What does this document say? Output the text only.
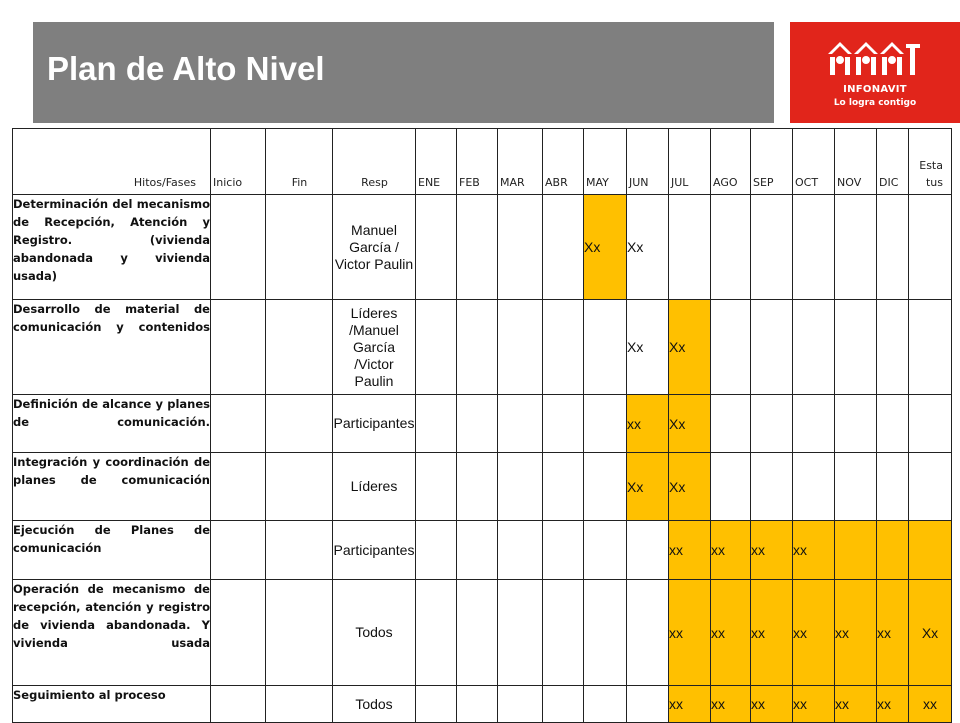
Plan de Alto Nivel
INFONAVIT
Lo logra contigo
Hitos/Fases	Inicio	Fin	Resp	ENE	FEB	MAR	ABR	MAY	JUN	JUL	AGO	SEP	OCT	NOV	DIC	Estatus
Determinación del mecanismo de Recepción, Atención y Registro. (vivienda abandonada y vivienda usada)			Manuel García / Victor Paulin					Xx	Xx							
Desarrollo de material de comunicación y contenidos			Líderes /Manuel García /Victor Paulin						Xx	Xx						
Definición de alcance y planes de comunicación.			Participantes						xx	Xx						
Integración y coordinación de planes de comunicación			Líderes						Xx	Xx						
Ejecución de Planes de comunicación			Participantes							xx	xx	xx	xx			
Operación de mecanismo de recepción, atención y registro de vivienda abandonada. Y vivienda usada			Todos							xx	xx	xx	xx	xx	xx	Xx
Seguimiento al proceso			Todos							xx	xx	xx	xx	xx	xx	xx
